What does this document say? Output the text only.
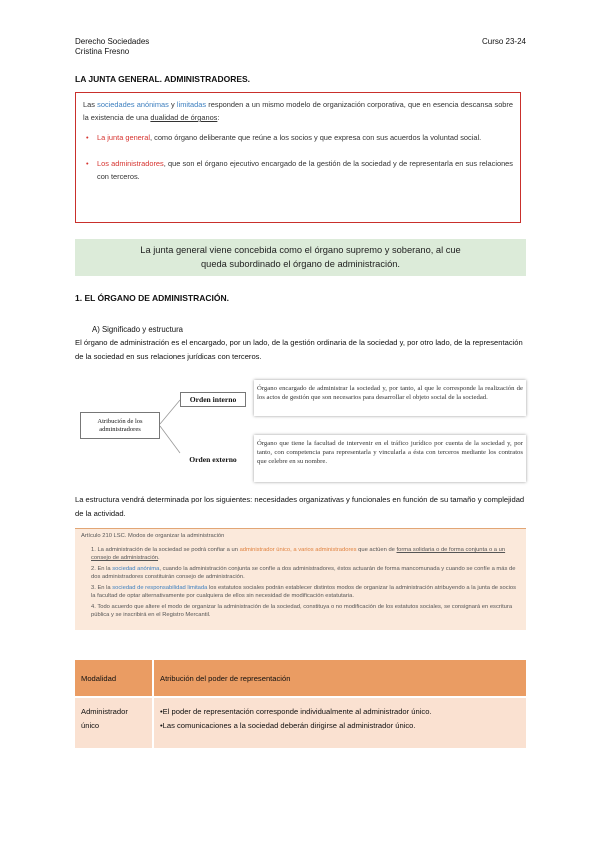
Derecho Sociedades
Cristina Fresno
Curso 23-24
LA JUNTA GENERAL. ADMINISTRADORES.

Las sociedades anónimas y limitadas responden a un mismo modelo de organización corporativa, que en esencia descansa sobre la existencia de una dualidad de órganos:

• La junta general, como órgano deliberante que reúne a los socios y que expresa con sus acuerdos la voluntad social.

• Los administradores, que son el órgano ejecutivo encargado de la gestión de la sociedad y de representarla en sus relaciones con terceros.

La junta general viene concebida como el órgano supremo y soberano, al cue
queda subordinado el órgano de administración.
1. EL ÓRGANO DE ADMINISTRACIÓN.
A) Significado y estructura
El órgano de administración es el encargado, por un lado, de la gestión ordinaria de la sociedad y, por otro lado, de la representación de la sociedad en sus relaciones jurídicas con terceros.
Atribución de los administradores
Orden interno
Orden externo
Órgano encargado de administrar la sociedad y, por tanto, al que le corresponde la realización de los actos de gestión que son necesarios para desarrollar el objeto social de la sociedad.
Órgano que tiene la facultad de intervenir en el tráfico jurídico por cuenta de la sociedad y, por tanto, con competencia para representarla y vincularla a ésta con terceros mediante los contratos que celebre en su nombre.
La estructura vendrá determinada por los siguientes: necesidades organizativas y funcionales en función de su tamaño y complejidad de la actividad.

Artículo 210 LSC. Modos de organizar la administración

1. La administración de la sociedad se podrá confiar a un administrador único, a varios administradores que actúen de forma solidaria o de forma conjunta o a un consejo de administración.

2. En la sociedad anónima, cuando la administración conjunta se confíe a dos administradores, éstos actuarán de forma mancomunada y cuando se confíe a más de dos administradores constituirán consejo de administración.

3. En la sociedad de responsabilidad limitada los estatutos sociales podrán establecer distintos modos de organizar la administración atribuyendo a la junta de socios la facultad de optar alternativamente por cualquiera de ellos sin necesidad de modificación estatutaria.

4. Todo acuerdo que altere el modo de organizar la administración de la sociedad, constituya o no modificación de los estatutos sociales, se consignará en escritura pública y se inscribirá en el Registro Mercantil.

Modalidad	Atribución del poder de representación
Administrador único	•El poder de representación corresponde individualmente al administrador único.
•Las comunicaciones a la sociedad deberán dirigirse al administrador único.
